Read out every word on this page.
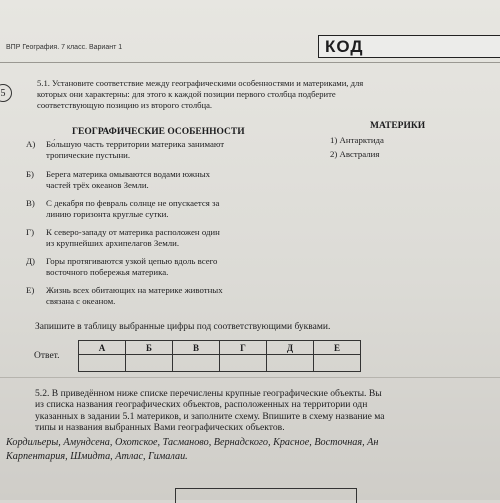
ВПР География. 7 класс. Вариант 1	КОД
5
5.1. Установите соответствие между географическими особенностями и материками, для
которых они характерны: для этого к каждой позиции первого столбца подберите
соответствующую позицию из второго столбца.
ГЕОГРАФИЧЕСКИЕ ОСОБЕННОСТИ
МАТЕРИКИ
А)	Бо́льшую часть территории материка занимают
тропические пустыни.
Б)	Берега материка омываются водами южных
частей трёх океанов Земли.
В)	С декабря по февраль солнце не опускается за
линию горизонта круглые сутки.
Г)	К северо-западу от материка расположен один
из крупнейших архипелагов Земли.
Д)	Горы протягиваются узкой цепью вдоль всего
восточного побережья материка.
Е)	Жизнь всех обитающих на материке животных
связана с океаном.
1) Антарктида
2) Австралия
Запишите в таблицу выбранные цифры под соответствующими буквами.
Ответ.
А	Б	В	Г	Д	Е

5.2. В приведённом ниже списке перечислены крупные географические объекты. Вы
из списка названия географических объектов, расположенных на территории одн
указанных в задании 5.1 материков, и заполните схему. Впишите в схему название ма
типы и названия выбранных Вами географических объектов.
Кордильеры, Амундсена, Охотское, Тасманово, Вернадского, Красное, Восточная, Ан
Карпентария, Шмидта, Атлас, Гималаи.
